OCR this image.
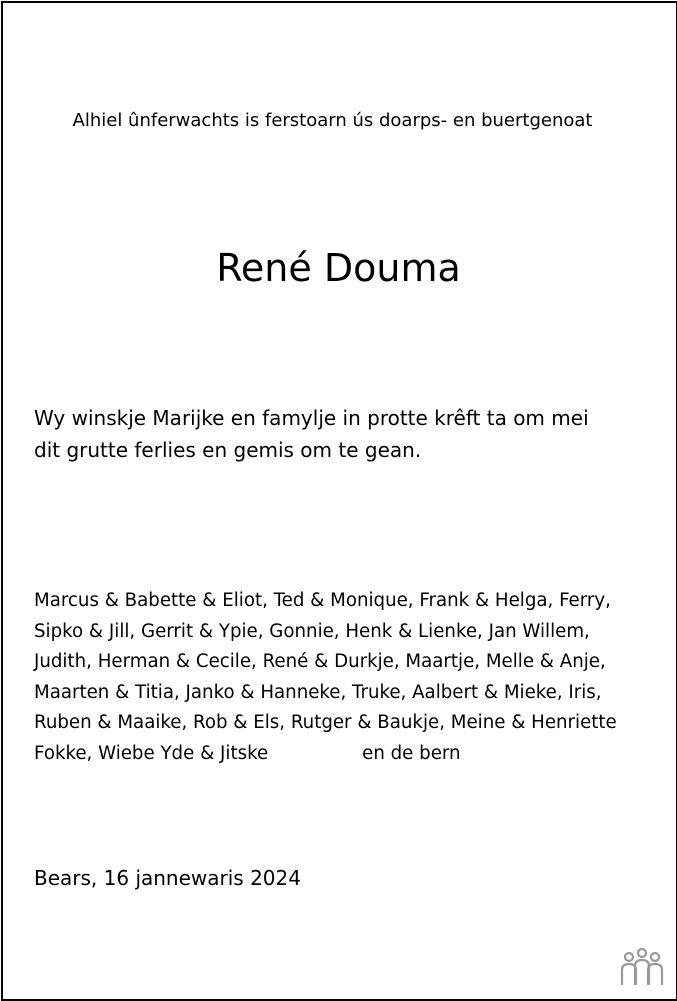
Alhiel ûnferwachts is ferstoarn ús doarps- en buertgenoat
René Douma
Wy winskje Marijke en famylje in protte krêft ta om mei
dit grutte ferlies en gemis om te gean.
Marcus & Babette & Eliot, Ted & Monique, Frank & Helga, Ferry,
Sipko & Jill, Gerrit & Ypie, Gonnie, Henk & Lienke, Jan Willem,
Judith, Herman & Cecile, René & Durkje, Maartje, Melle & Anje,
Maarten & Titia, Janko & Hanneke, Truke, Aalbert & Mieke, Iris,
Ruben & Maaike, Rob & Els, Rutger & Baukje, Meine & Henriette
Fokke, Wiebe Yde & Jitske	en de bern
Bears, 16 jannewaris 2024
